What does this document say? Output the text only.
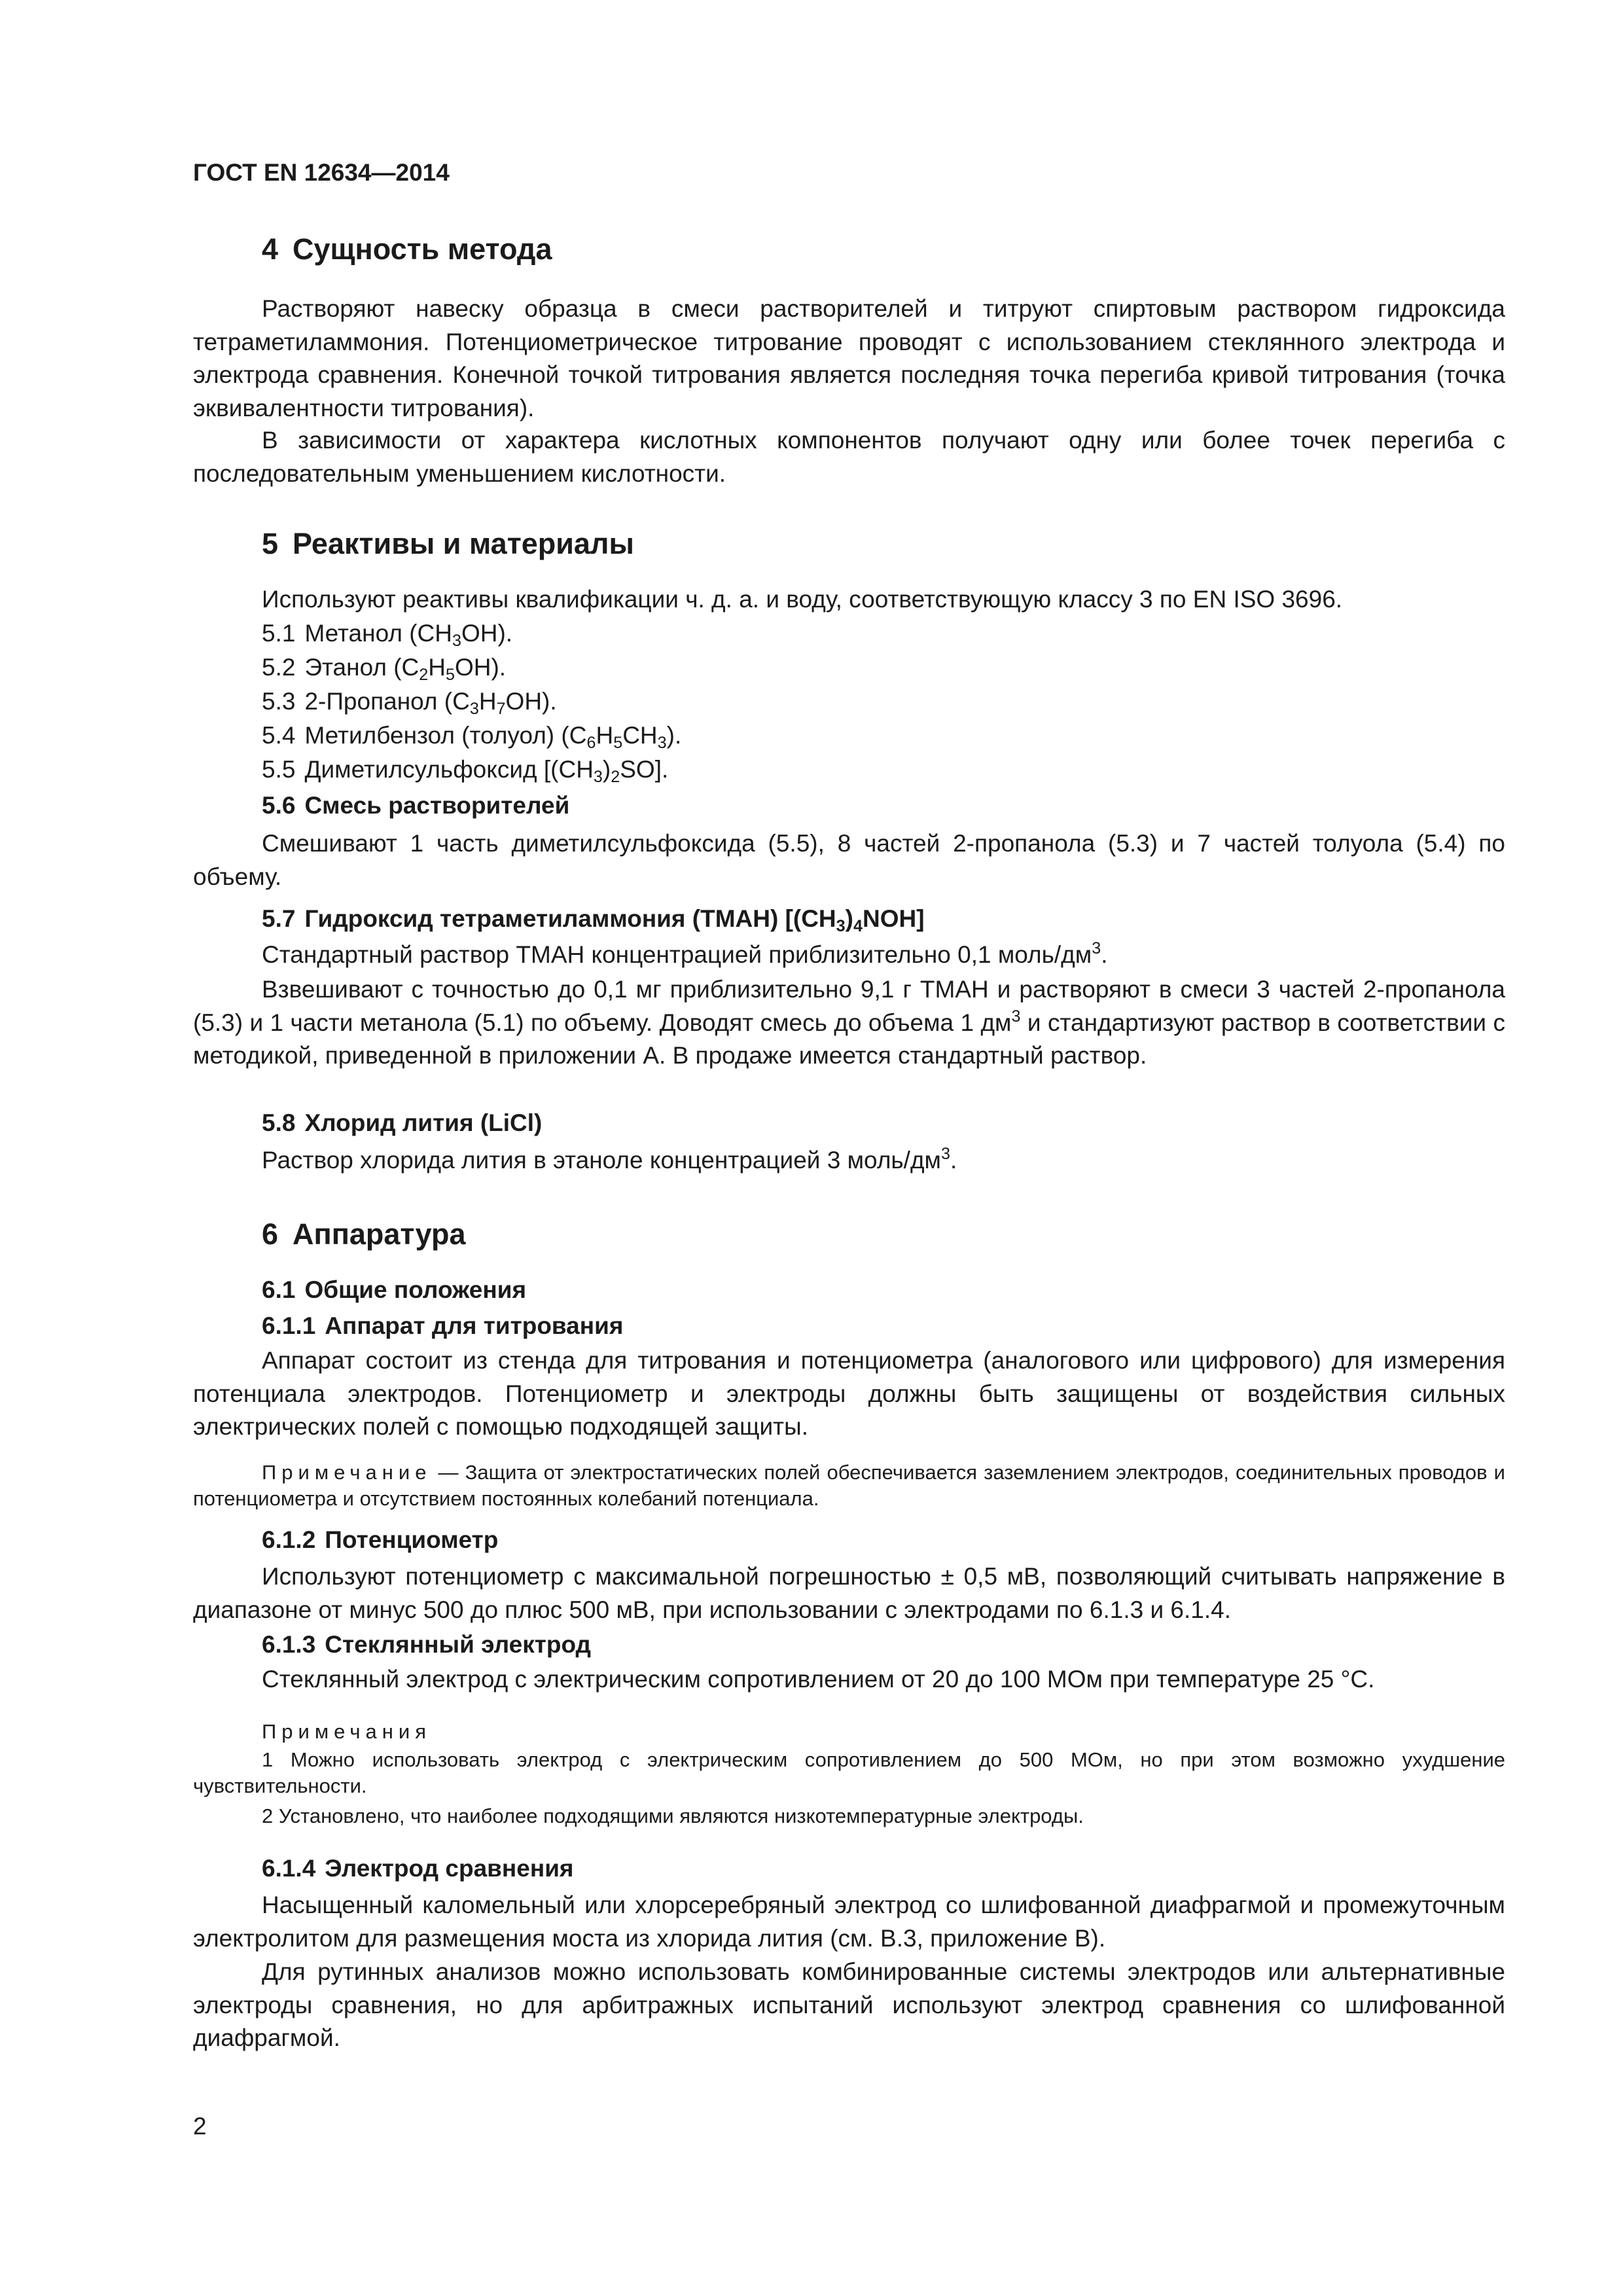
ГОСТ EN 12634—2014
4 Сущность метода

Растворяют навеску образца в смеси растворителей и титруют спиртовым раствором гидроксида тетраметиламмония. Потенциометрическое титрование проводят с использованием стеклянного электрода и электрода сравнения. Конечной точкой титрования является последняя точка перегиба кривой титрования (точка эквивалентности титрования).

В зависимости от характера кислотных компонентов получают одну или более точек перегиба с последовательным уменьшением кислотности.

5 Реактивы и материалы

Используют реактивы квалификации ч. д. а. и воду, соответствующую классу 3 по EN ISO 3696.

5.1 Метанол $(CH_3OH)$.

5.2 Этанол $(C_2H_5OH)$.

5.3 2-Пропанол $(C_3H_7OH)$.

5.4 Метилбензол (толуол) $(C_6H_5CH_3)$.

5.5 Диметилсульфоксид $[(CH_3)_2SO]$.

5.6 Смесь растворителей

Смешивают 1 часть диметилсульфоксида (5.5), 8 частей 2-пропанола (5.3) и 7 частей толуола (5.4) по объему.

5.7 Гидроксид тетраметиламмония (TMAH) $[(CH_3)_4NOH]$

Стандартный раствор TMAH концентрацией приблизительно 0,1 моль/$дм^3$.

Взвешивают с точностью до 0,1 мг приблизительно 9,1 г TMAH и растворяют в смеси 3 частей 2-пропанола (5.3) и 1 части метанола (5.1) по объему. Доводят смесь до объема 1 $дм^3$ и стандартизуют раствор в соответствии с методикой, приведенной в приложении А. В продаже имеется стандартный раствор.

5.8 Хлорид лития (LiCl)

Раствор хлорида лития в этаноле концентрацией 3 моль/$дм^3$.

6 Аппаратура
6.1 Общие положения
6.1.1 Аппарат для титрования

Аппарат состоит из стенда для титрования и потенциометра (аналогового или цифрового) для измерения потенциала электродов. Потенциометр и электроды должны быть защищены от воздействия сильных электрических полей с помощью подходящей защиты.

Примечание — Защита от электростатических полей обеспечивается заземлением электродов, соединительных проводов и потенциометра и отсутствием постоянных колебаний потенциала.

6.1.2 Потенциометр

Используют потенциометр с максимальной погрешностью ± 0,5 мВ, позволяющий считывать напряжение в диапазоне от минус 500 до плюс 500 мВ, при использовании с электродами по 6.1.3 и 6.1.4.

6.1.3 Стеклянный электрод

Стеклянный электрод с электрическим сопротивлением от 20 до 100 МОм при температуре 25 °С.

Примечания

1 Можно использовать электрод с электрическим сопротивлением до 500 МОм, но при этом возможно ухудшение чувствительности.

2 Установлено, что наиболее подходящими являются низкотемпературные электроды.

6.1.4 Электрод сравнения

Насыщенный каломельный или хлорсеребряный электрод со шлифованной диафрагмой и промежуточным электролитом для размещения моста из хлорида лития (см. В.3, приложение В).

Для рутинных анализов можно использовать комбинированные системы электродов или альтернативные электроды сравнения, но для арбитражных испытаний используют электрод сравнения со шлифованной диафрагмой.

2
